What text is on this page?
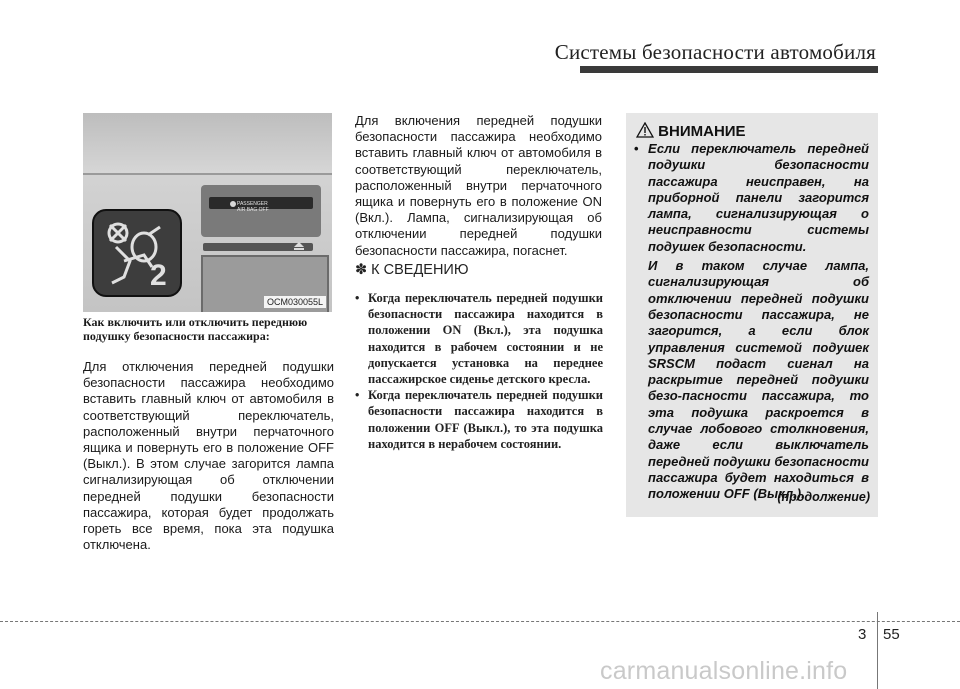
Системы безопасности автомобиля
PASSENGER
AIR BAG OFF
2
OCM030055L
Как включить или отключить переднюю подушку безопасности пассажира:
Для отключения передней подушки безопасности пассажира необходимо вставить главный ключ от автомобиля в соответствующий переключатель, расположенный внутри перчаточного ящика и повернуть его в положение OFF (Выкл.). В этом случае загорится лампа сигнализирующая об отключении передней подушки безопасности пассажира, которая будет продолжать гореть все время, пока эта подушка отключена.
Для включения передней подушки безопасности пассажира необходимо вставить главный ключ от автомобиля в соответствующий переключатель, расположенный внутри перчаточного ящика и повернуть его в положение ON (Вкл.). Лампа, сигнализирующая об отключении передней подушки безопасности пассажира, погаснет.
✽ К СВЕДЕНИЮ
• Когда переключатель передней подушки безопасности пассажира находится в положении ON (Вкл.), эта подушка находится в рабочем состоянии и не допускается установка на переднее пассажирское сиденье детского кресла.
• Когда переключатель передней подушки безопасности пассажира находится в положении OFF (Выкл.), то эта подушка находится в нерабочем состоянии.
ВНИМАНИЕ

• Если переключатель передней подушки безопасности пассажира неисправен, на приборной панели загорится лампа, сигнализирующая о неисправности системы подушек безопасности.

И в таком случае лампа, сигнализирующая об отключении передней подушки безопасности пассажира, не загорится, а если блок управления системой подушек SRSCM подаст сигнал на раскрытие передней подушки безо-пасности пассажира, то эта подушка раскроется в случае лобового столкновения, даже если выключатель передней подушки безопасности пассажира будет находиться в положении OFF (Выкл.).

(продолжение)
3 55
carmanualsonline.info
